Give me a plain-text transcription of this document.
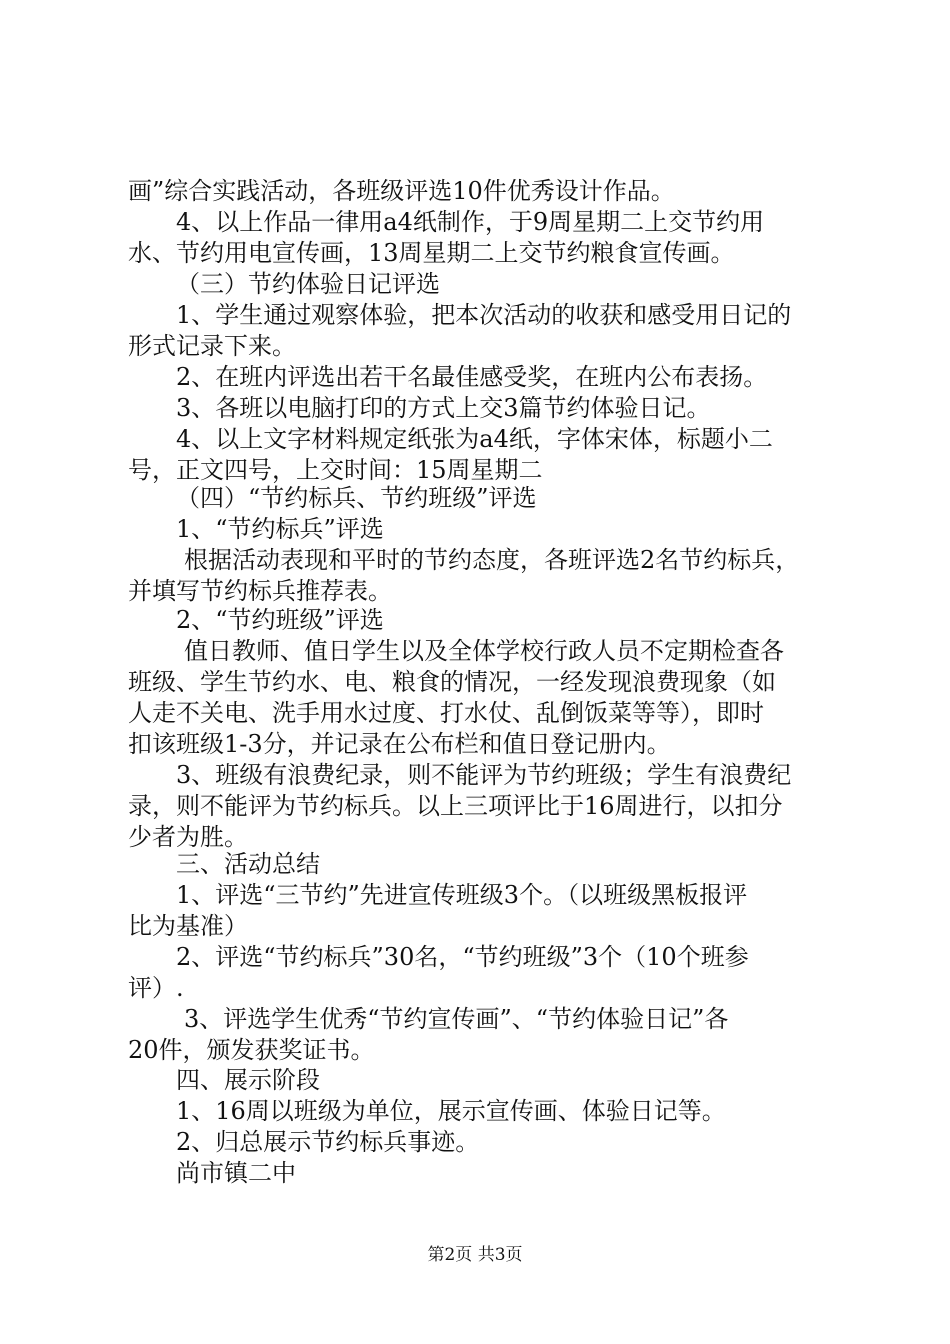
画”综合实践活动，各班级评选10件优秀设计作品。
4、以上作品一律用a4纸制作，于9周星期二上交节约用
水、节约用电宣传画，13周星期二上交节约粮食宣传画。
（三）节约体验日记评选
1、学生通过观察体验，把本次活动的收获和感受用日记的
形式记录下来。
2、在班内评选出若干名最佳感受奖，在班内公布表扬。
3、各班以电脑打印的方式上交3篇节约体验日记。
4、以上文字材料规定纸张为a4纸，字体宋体，标题小二
号，正文四号，上交时间：15周星期二
（四）“节约标兵、节约班级”评选
1、“节约标兵”评选
根据活动表现和平时的节约态度，各班评选2名节约标兵，
并填写节约标兵推荐表。
2、“节约班级”评选
值日教师、值日学生以及全体学校行政人员不定期检查各
班级、学生节约水、电、粮食的情况，一经发现浪费现象（如
人走不关电、洗手用水过度、打水仗、乱倒饭菜等等），即时
扣该班级1-3分，并记录在公布栏和值日登记册内。
3、班级有浪费纪录，则不能评为节约班级；学生有浪费纪
录，则不能评为节约标兵。以上三项评比于16周进行，以扣分
少者为胜。
三、活动总结
1、评选“三节约”先进宣传班级3个。（以班级黑板报评
比为基准）
2、评选“节约标兵”30名，“节约班级”3个（10个班参
评）.
3、评选学生优秀“节约宣传画”、“节约体验日记”各
20件，颁发获奖证书。
四、展示阶段
1、16周以班级为单位，展示宣传画、体验日记等。
2、归总展示节约标兵事迹。
尚市镇二中
第2页 共3页
